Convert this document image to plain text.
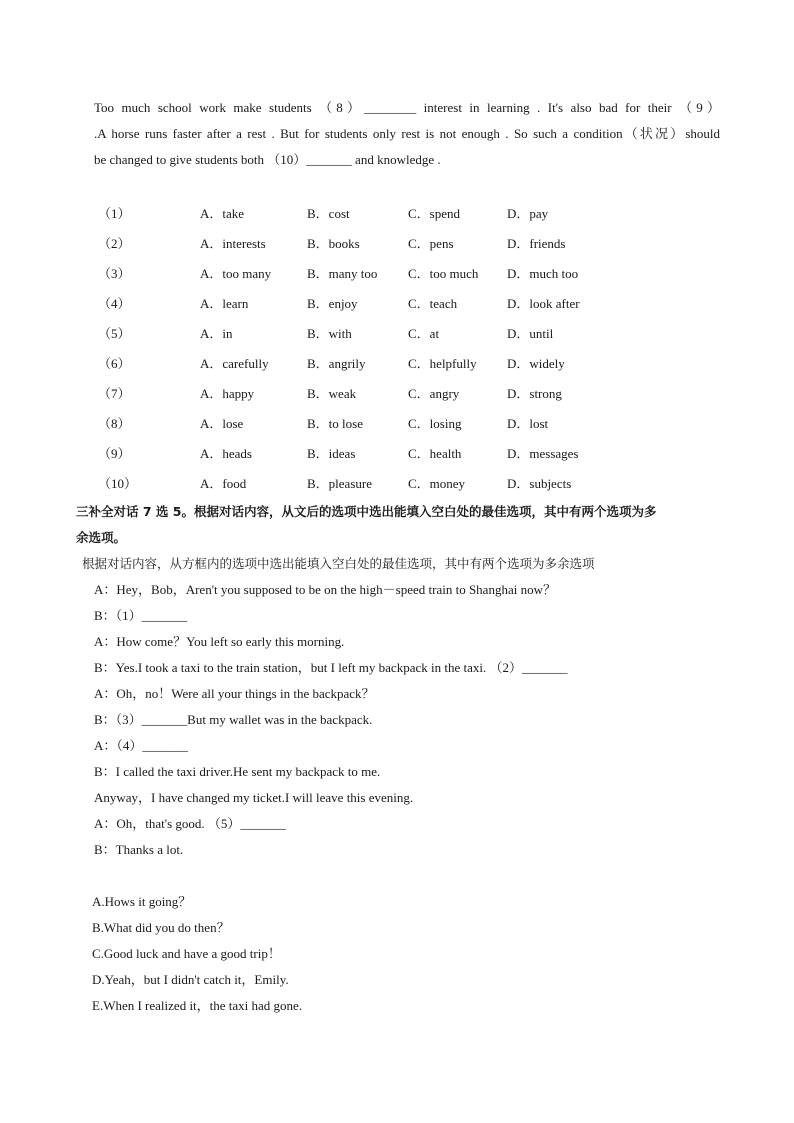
Too much school work make students （8）________ interest in learning . It's also bad for their （9）

.A horse runs faster after a rest . But for students only rest is not enough . So such a condition（状况）should

be changed to give students both （10）_______ and knowledge .

（1）	A．take	B．cost	C．spend	D．pay
（2）	A．interests	B．books	C．pens	D．friends
（3）	A．too many	B．many too C．too much D．much too
（4）	A．learn	B．enjoy	C．teach	D．look after
（5）	A．in	B．with	C．at	D．until
（6）	A．carefully	B．angrily	C．helpfully D．widely
（7）	A．happy	B．weak	C．angry	D．strong
（8）	A．lose	B．to lose	C．losing	D．lost
（9）	A．heads	B．ideas	C．health	D．messages
（10）	A．food	B．pleasure	C．money	D．subjects
三补全对话 7 选 5。根据对话内容，从文后的选项中选出能填入空白处的最佳选项，其中有两个选项为多
余选项。
根据对话内容，从方框内的选项中选出能填入空白处的最佳选项，其中有两个选项为多余选项
A：Hey，Bob，Aren't you supposed to be on the high－speed train to Shanghai now？
B：（1）_______
A：How come？You left so early this morning.
B：Yes.I took a taxi to the train station，but I left my backpack in the taxi. （2）_______
A：Oh，no！Were all your things in the backpack？
B：（3）_______But my wallet was in the backpack.
A：（4）_______
B：I called the taxi driver.He sent my backpack to me.
Anyway，I have changed my ticket.I will leave this evening.
A：Oh，that's good. （5）_______
B：Thanks a lot.
A.Hows it going？
B.What did you do then？
C.Good luck and have a good trip！
D.Yeah，but I didn't catch it，Emily.
E.When I realized it，the taxi had gone.
